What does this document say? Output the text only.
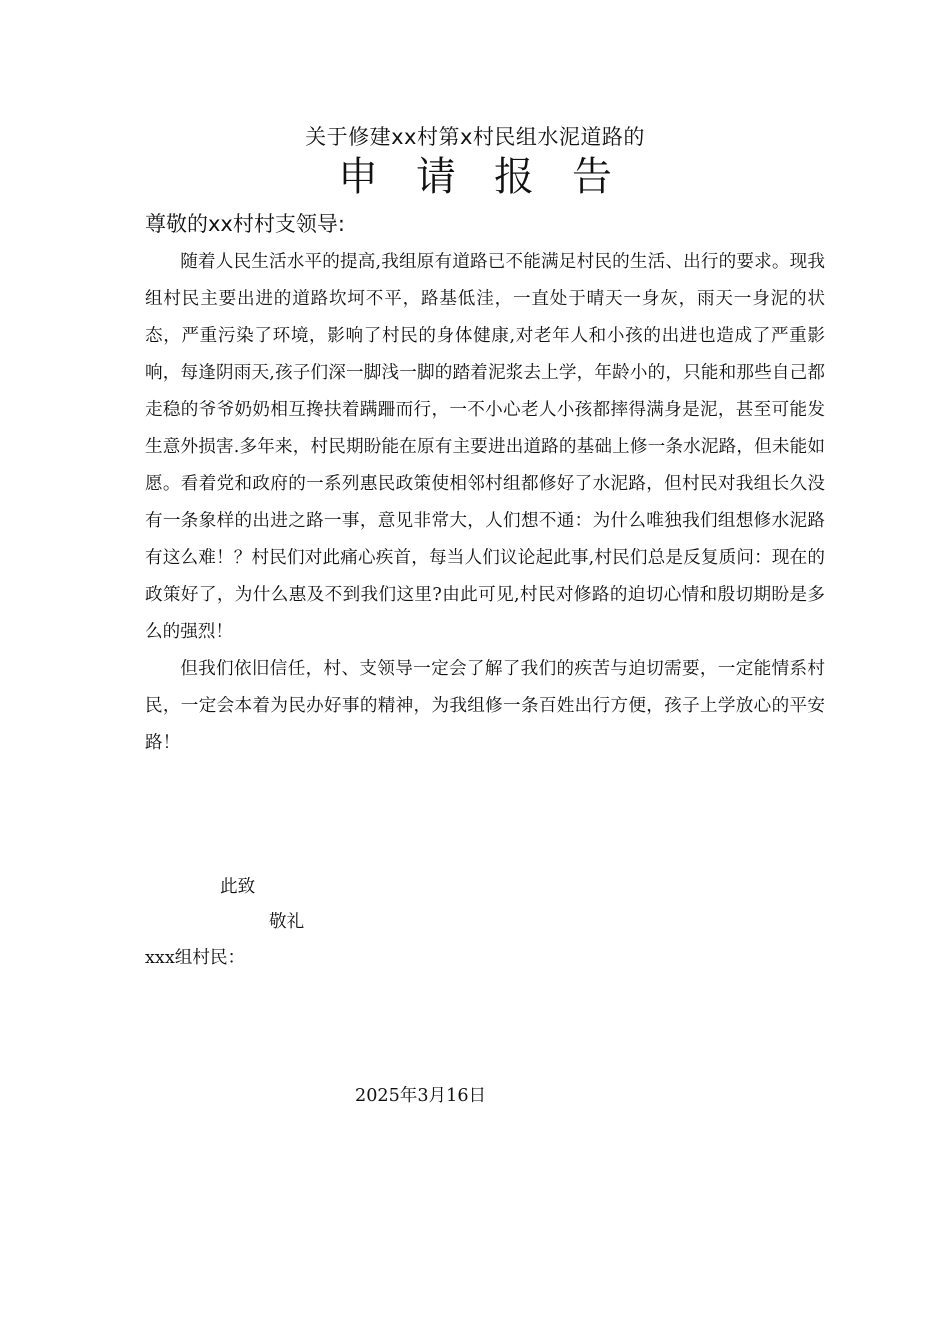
关于修建xx村第x村民组水泥道路的
申 请 报 告
尊敬的xx村村支领导:

随着人民生活水平的提高,我组原有道路已不能满足村民的生活、出行的要求。现我组村民主要出进的道路坎坷不平，路基低洼，一直处于晴天一身灰，雨天一身泥的状态，严重污染了环境，影响了村民的身体健康,对老年人和小孩的出进也造成了严重影响，每逢阴雨天,孩子们深一脚浅一脚的踏着泥浆去上学，年龄小的，只能和那些自己都走稳的爷爷奶奶相互搀扶着蹒跚而行，一不小心老人小孩都摔得满身是泥，甚至可能发生意外损害.多年来，村民期盼能在原有主要进出道路的基础上修一条水泥路，但未能如愿。看着党和政府的一系列惠民政策使相邻村组都修好了水泥路，但村民对我组长久没有一条象样的出进之路一事，意见非常大，人们想不通：为什么唯独我们组想修水泥路有这么难！？村民们对此痛心疾首，每当人们议论起此事,村民们总是反复质问：现在的政策好了，为什么惠及不到我们这里?由此可见,村民对修路的迫切心情和殷切期盼是多么的强烈！

但我们依旧信任，村、支领导一定会了解了我们的疾苦与迫切需要，一定能情系村民，一定会本着为民办好事的精神，为我组修一条百姓出行方便，孩子上学放心的平安路！

此致
敬礼
xxx组村民：
2025年3月16日
